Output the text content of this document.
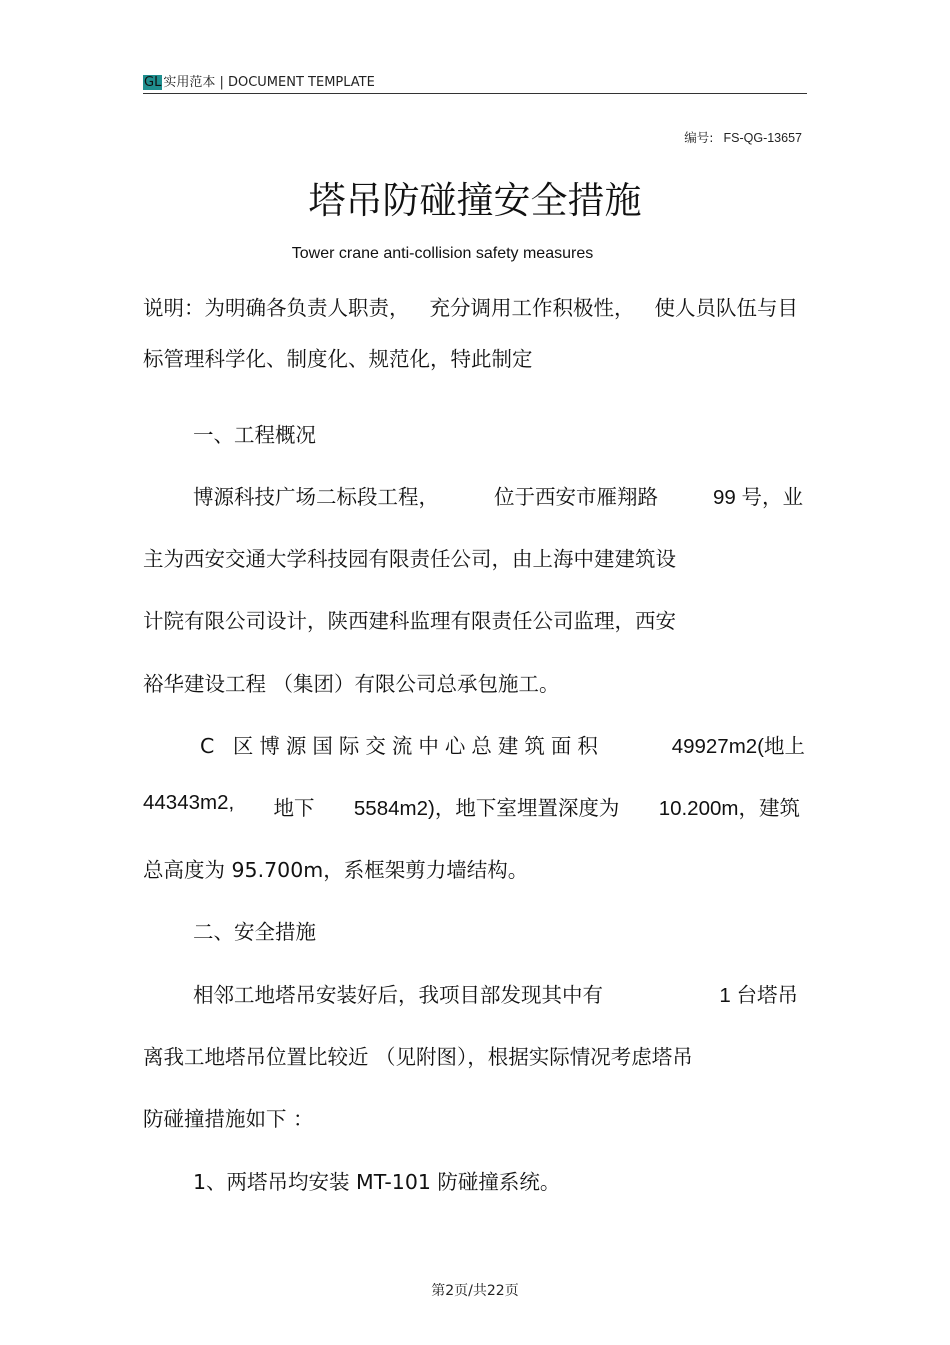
GL 实用范本 | DOCUMENT TEMPLATE
编号: FS-QG-13657
塔吊防碰撞安全措施
Tower crane anti-collision safety measures
说明：为明确各负责人职责， 充分调用工作积极性， 使人员队伍与目
标管理科学化、制度化、规范化，特此制定
一、工程概况
博源科技广场二标段工程，	位于西安市雁翔路	99 号，业
主为西安交通大学科技园有限责任公司，由上海中建建筑设
计院有限公司设计，陕西建科监理有限责任公司监理，西安
裕华建设工程 （集团）有限公司总承包施工。
C 区博源国际交流中心总建筑面积	49927m2(地上
44343m2, 地下 5584m2)，地下室埋置深度为 10.200m，建筑
总高度为 95.700m，系框架剪力墙结构。
二、安全措施
相邻工地塔吊安装好后，我项目部发现其中有	1 台塔吊
离我工地塔吊位置比较近 （见附图），根据实际情况考虑塔吊
防碰撞措施如下 ：
1、两塔吊均安装 MT-101 防碰撞系统。
第2页/共22页
